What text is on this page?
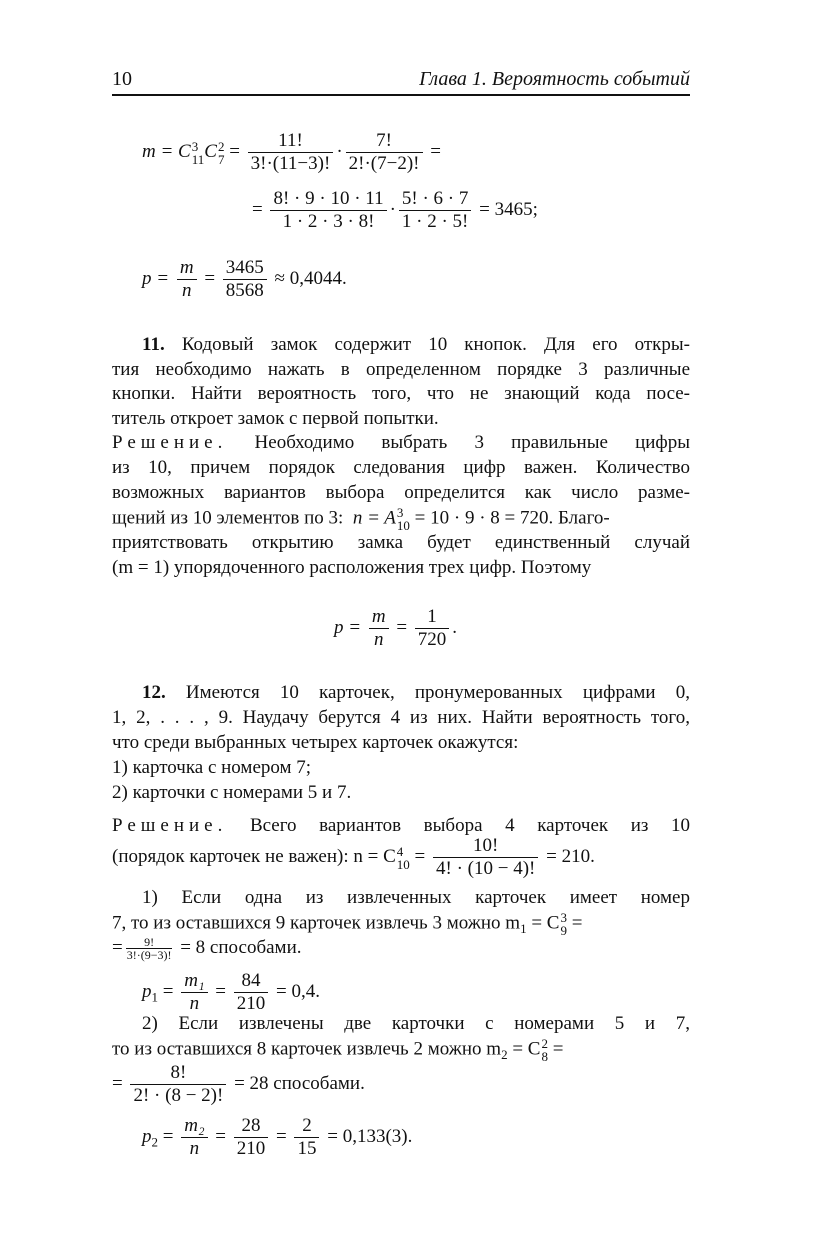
10	Глава 1. Вероятность событий
m = C 3
11 C 2
$7 = \frac{11!}{3!\cdot(11-3)!} \cdot \frac{7!}{2!\cdot(7-2)!}$ =
= $\frac{8! \cdot 9 \cdot 10 \cdot 11}{1 \cdot 2 \cdot 3 \cdot 8!} \cdot \frac{5! \cdot 6 \cdot 7}{1 \cdot 2 \cdot 5!} = 3465$;
$p = \frac{m}{n} = \frac{3465}{8568} \approx 0,4044$.
11. Кодовый замок содержит 10 кнопок. Для его откры-
тия необходимо нажать в определенном порядке 3 различные
кнопки. Найти вероятность того, что не знающий кода посе-
титель откроет замок с первой попытки.
Решение. Необходимо выбрать 3 правильные цифры
из 10, причем порядок следования цифр важен. Количество
возможных вариантов выбора определится как число разме-
щений из 10 элементов по 3: n = A 3
10 = 10 · 9 · 8 = 720. Благо-
приятствовать открытию замка будет единственный случай
(m = 1) упорядоченного расположения трех цифр. Поэтому
$p = \frac{m}{n} = \frac{1}{720}$ .
12. Имеются 10 карточек, пронумерованных цифрами 0,
1, 2, . . . , 9. Наудачу берутся 4 из них. Найти вероятность того,
что среди выбранных четырех карточек окажутся:
1) карточка с номером 7;
2) карточки с номерами 5 и 7.
Решение. Всего вариантов выбора 4 карточек из 10
(порядок карточек не важен): n = C 4
$10 = \frac{10!}{4! \cdot (10 - 4)!} = 210$.
1) Если одна из извлеченных карточек имеет номер
7, то из оставшихся 9 карточек извлечь 3 можно $m_1 = C$ 3
9 =
= $\frac{9!}{3!\cdot(9-3)!} = 8$ способами.
$p_1 = \frac{\text{m₁}}{n} = \frac{84}{210} = 0,4$.
2) Если извлечены две карточки с номерами 5 и 7,
то из оставшихся 8 карточек извлечь 2 можно $m_2 = C$ 2
8 =
= $\frac{8!}{2! \cdot (8 - 2)!} = 28$ способами.
$p_2 = \frac{\text{m₂}}{n} = \frac{28}{210} = \frac{2}{15} = 0,133(3)$.
